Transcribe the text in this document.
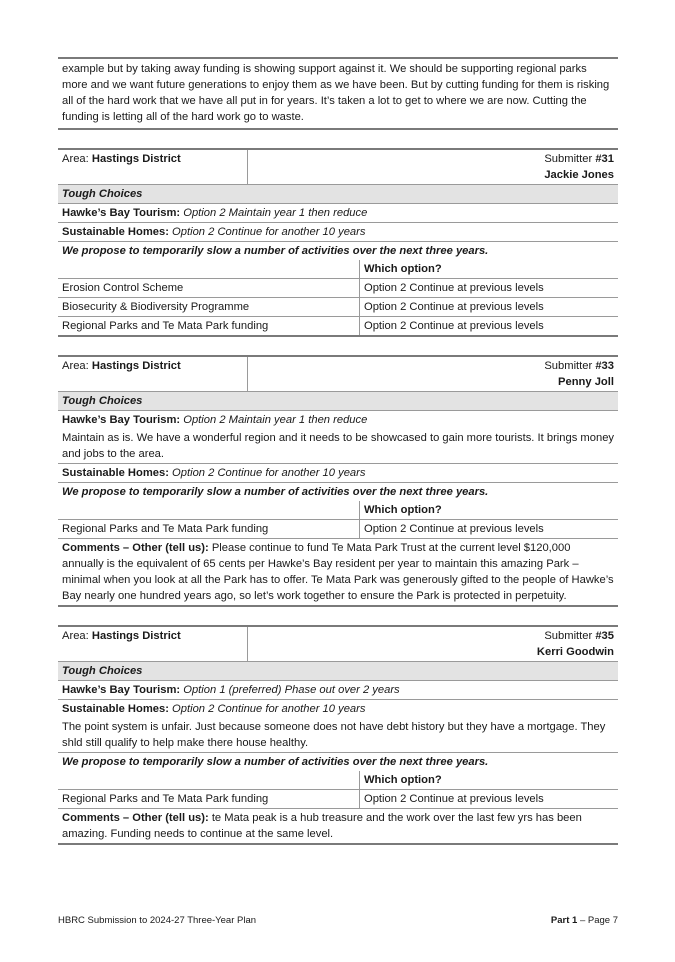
example but by taking away funding is showing support against it. We should be supporting regional parks more and we want future generations to enjoy them as we have been. But by cutting funding for them is risking all of the hard work that we have all put in for years. It’s taken a lot to get to where we are now. Cutting the funding is letting all of the hard work go to waste.
Area: Hastings District	Submitter #31
Jackie Jones
Tough Choices
Hawke’s Bay Tourism: Option 2 Maintain year 1 then reduce
Sustainable Homes: Option 2 Continue for another 10 years
We propose to temporarily slow a number of activities over the next three years.
Which option?
Erosion Control Scheme	Option 2 Continue at previous levels
Biosecurity & Biodiversity Programme	Option 2 Continue at previous levels
Regional Parks and Te Mata Park funding	Option 2 Continue at previous levels
Area: Hastings District	Submitter #33
Penny Joll
Tough Choices
Hawke’s Bay Tourism: Option 2 Maintain year 1 then reduce
Maintain as is. We have a wonderful region and it needs to be showcased to gain more tourists. It brings money and jobs to the area.
Sustainable Homes: Option 2 Continue for another 10 years
We propose to temporarily slow a number of activities over the next three years.
Which option?
Regional Parks and Te Mata Park funding	Option 2 Continue at previous levels
Comments – Other (tell us): Please continue to fund Te Mata Park Trust at the current level $120,000 annually is the equivalent of 65 cents per Hawke’s Bay resident per year to maintain this amazing Park – minimal when you look at all the Park has to offer. Te Mata Park was generously gifted to the people of Hawke’s Bay nearly one hundred years ago, so let’s work together to ensure the Park is protected in perpetuity.
Area: Hastings District	Submitter #35
Kerri Goodwin
Tough Choices
Hawke’s Bay Tourism: Option 1 (preferred) Phase out over 2 years
Sustainable Homes: Option 2 Continue for another 10 years
The point system is unfair. Just because someone does not have debt history but they have a mortgage. They shld still qualify to help make there house healthy.
We propose to temporarily slow a number of activities over the next three years.
Which option?
Regional Parks and Te Mata Park funding	Option 2 Continue at previous levels
Comments – Other (tell us): te Mata peak is a hub treasure and the work over the last few yrs has been amazing. Funding needs to continue at the same level.
HBRC Submission to 2024-27 Three-Year Plan	Part 1 – Page 7
